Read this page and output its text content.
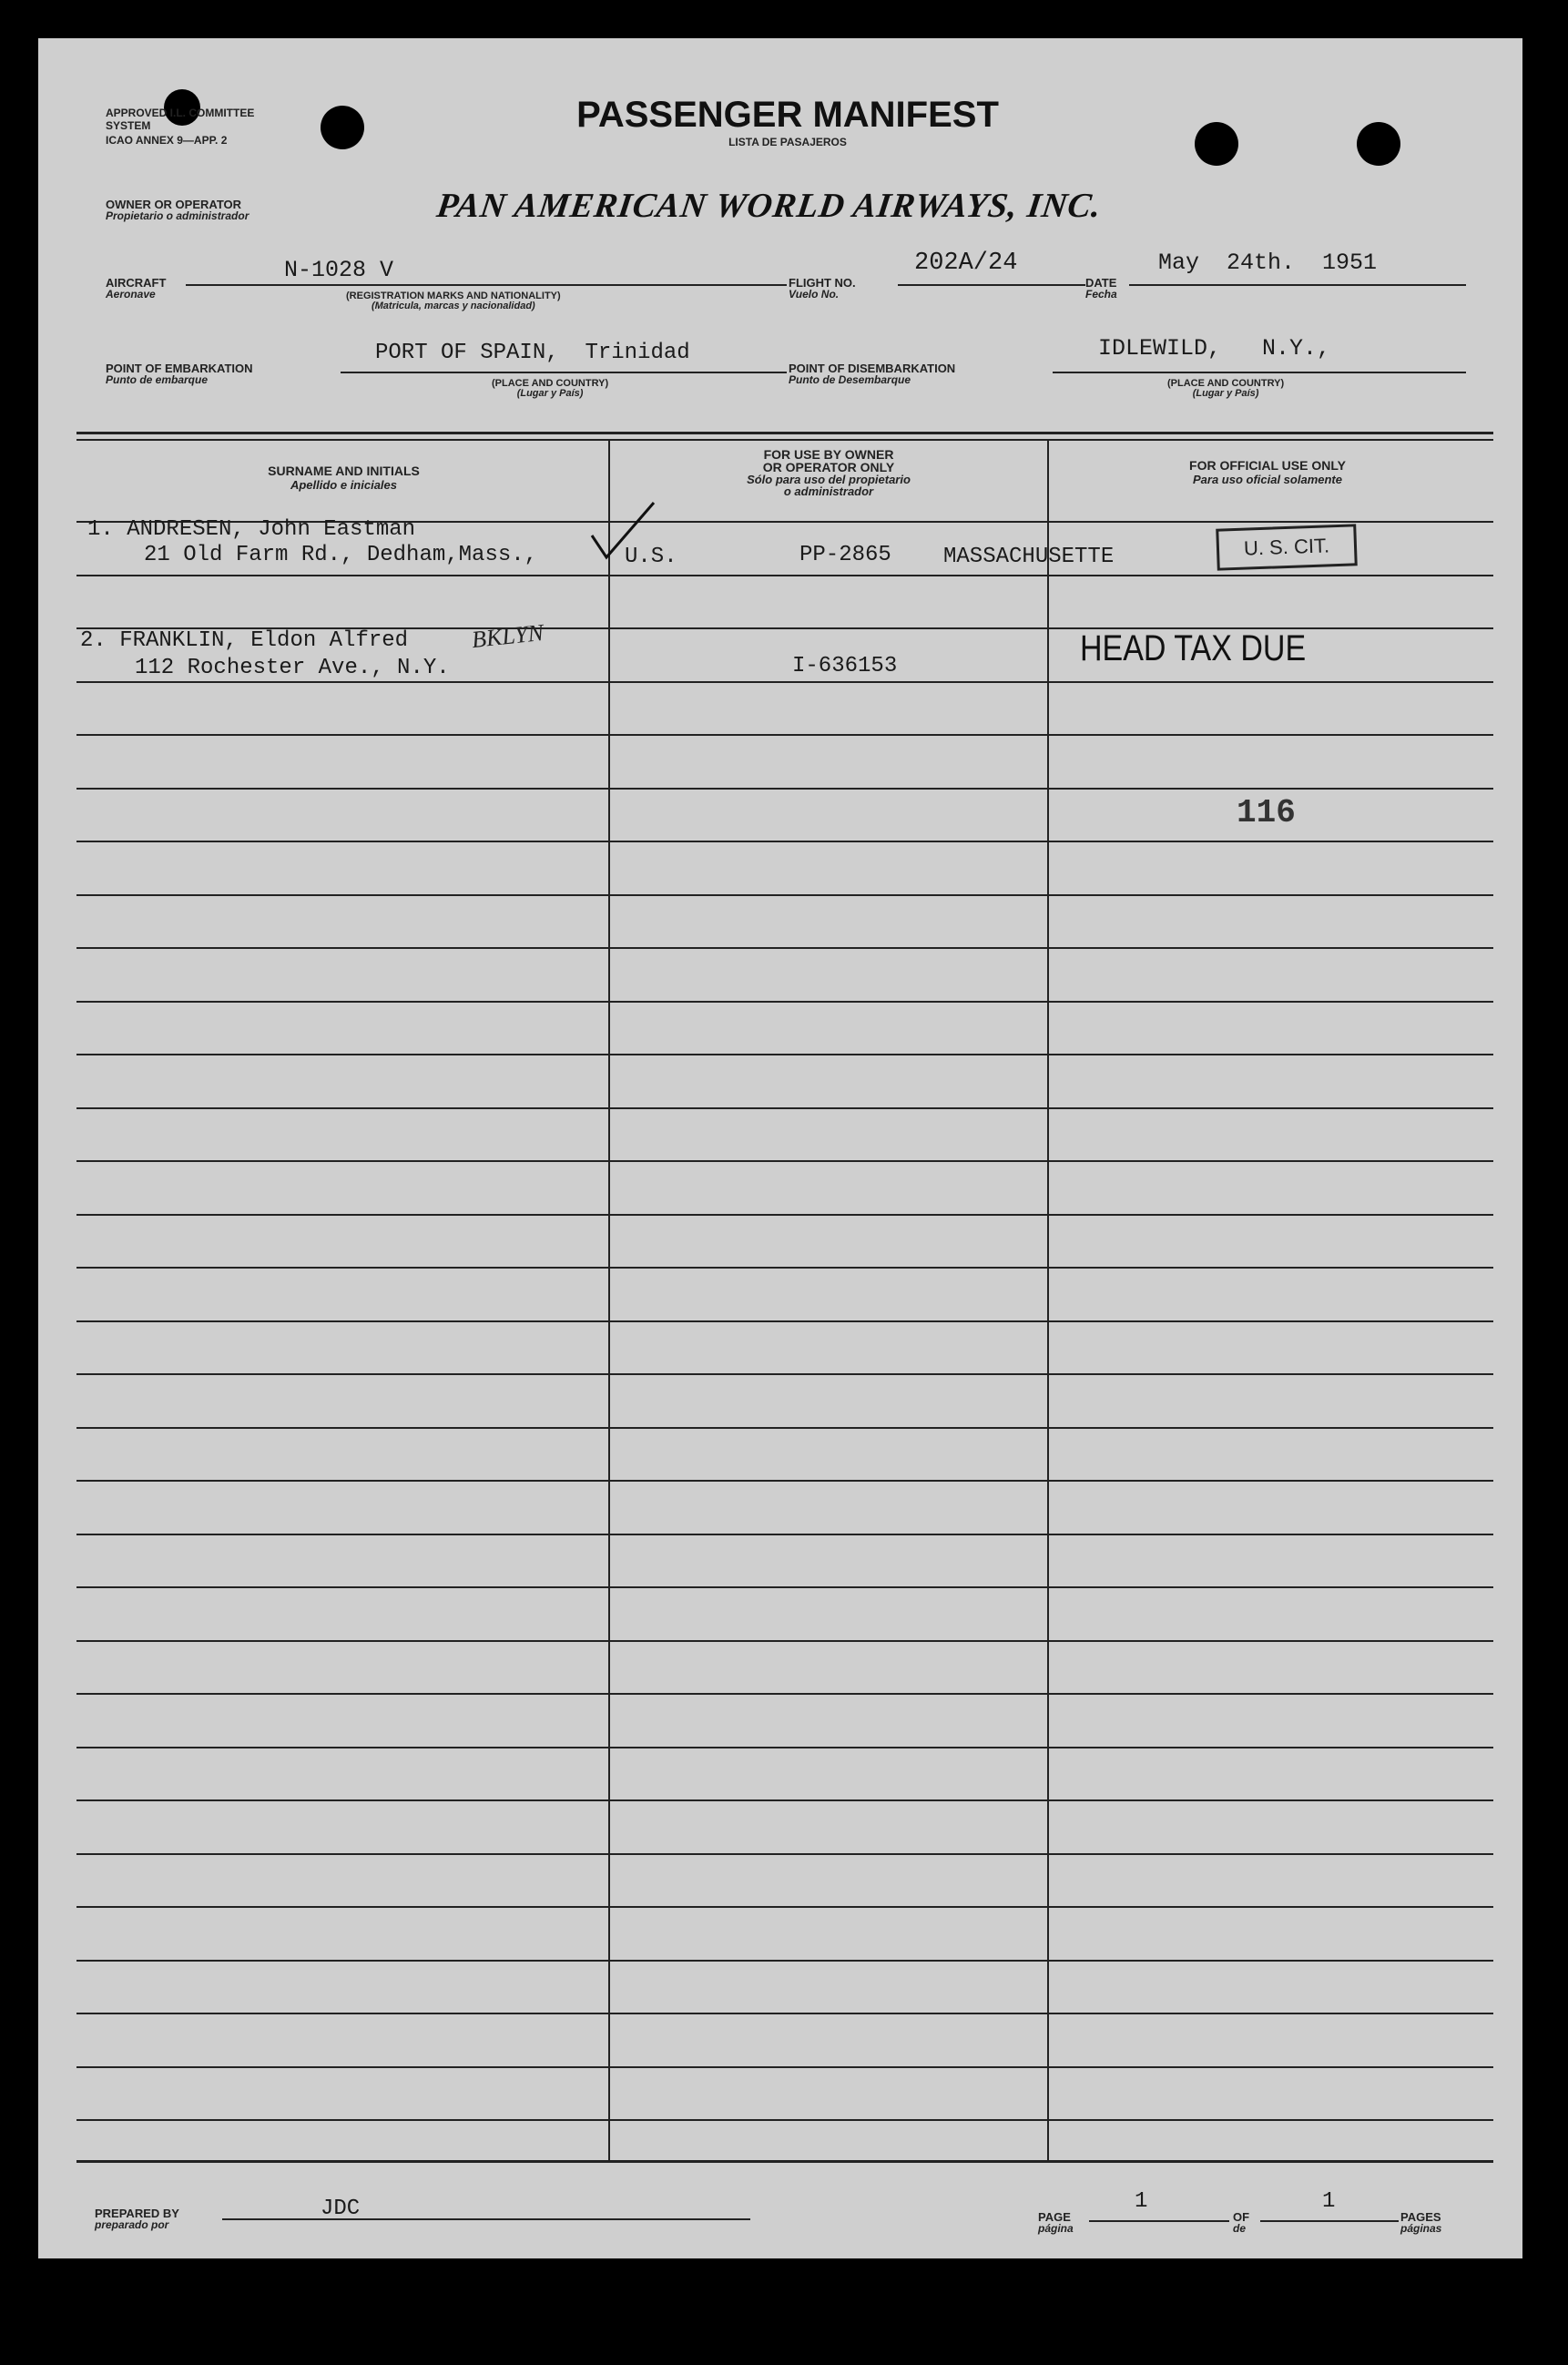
APPROVED I.L. COMMITTEE
SYSTEM
ICAO ANNEX 9—APP. 2
PASSENGER MANIFEST
LISTA DE PASAJEROS
OWNER OR OPERATOR
Propietario o administrador	PAN AMERICAN WORLD AIRWAYS, INC.
AIRCRAFT
Aeronave
N-1028 V
(REGISTRATION MARKS AND NATIONALITY)
(Matricula, marcas y nacionalidad)
FLIGHT NO.
Vuelo No.
202A/24
DATE
Fecha
May  24th.  1951
POINT OF EMBARKATION
Punto de embarque
PORT OF SPAIN,  Trinidad
(PLACE AND COUNTRY)
(Lugar y País)
POINT OF DISEMBARKATION
Punto de Desembarque
IDLEWILD,   N.Y.,
(PLACE AND COUNTRY)
(Lugar y País)
SURNAME AND INITIALS
Apellido e iniciales
FOR USE BY OWNER
OR OPERATOR ONLY
Sólo para uso del propietario
o administrador
FOR OFFICIAL USE ONLY
Para uso oficial solamente
1. ANDRESEN, John Eastman
21 Old Farm Rd., Dedham,Mass.,	U.S.	PP-2865 MASSACHUSETTE	U. S. CIT.
2. FRANKLIN, Eldon Alfred	BKLYN
112 Rochester Ave., N.Y.	I-636153	HEAD TAX DUE
116
PREPARED BY
preparado por
JDC	PAGE
página
1
OF
de
1
PAGES
páginas
